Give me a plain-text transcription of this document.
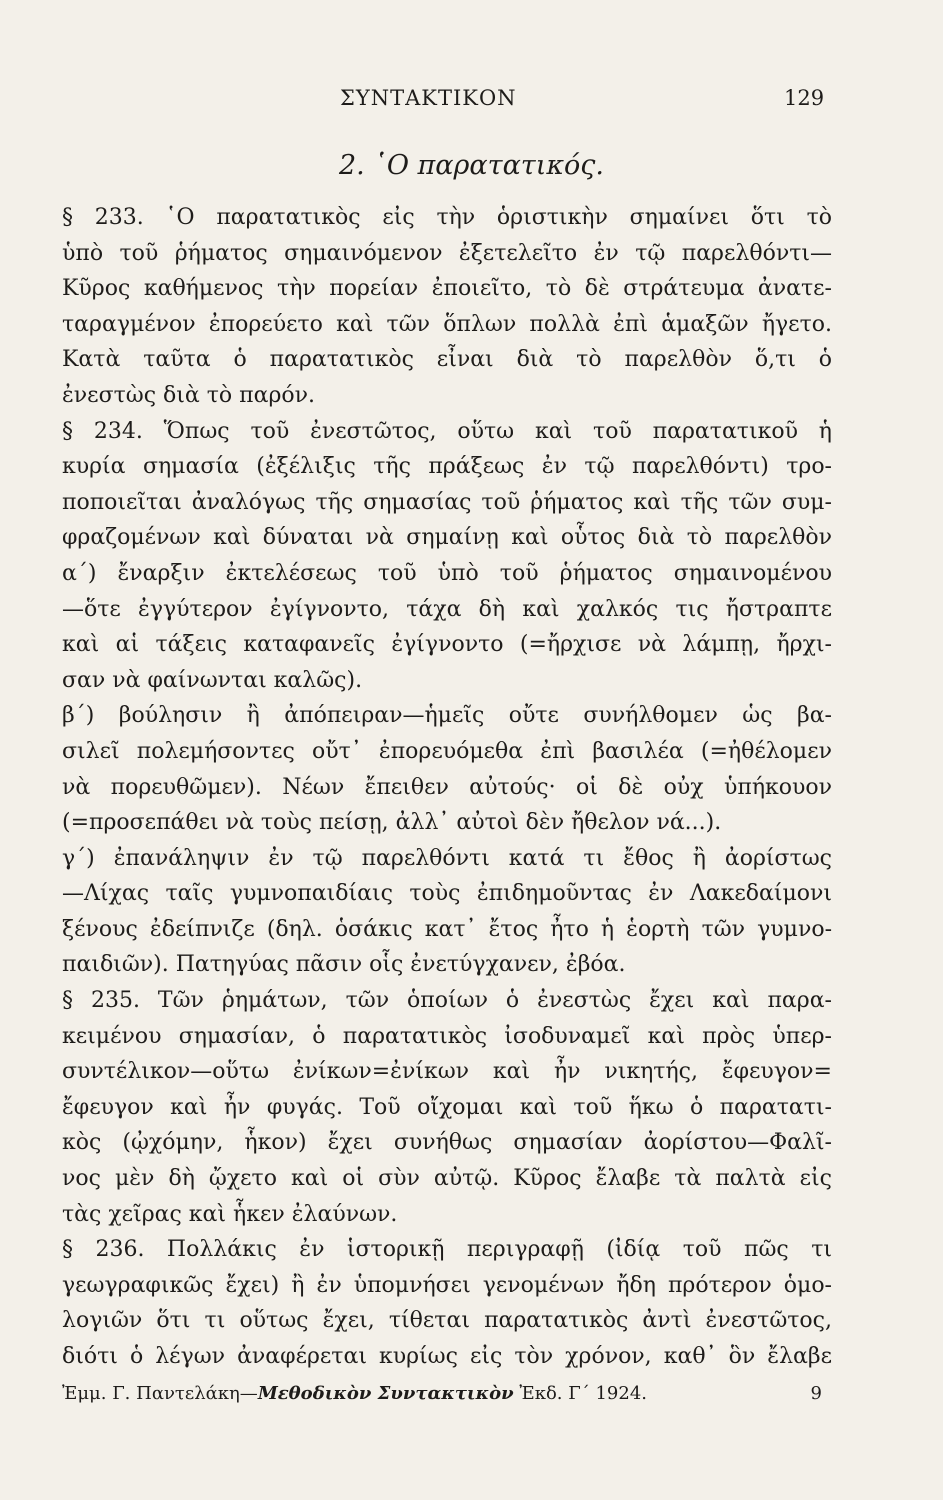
ΣΥΝΤΑΚΤΙΚΟΝ	129
2. ῾Ο παρατατικός.
§ 233. ῾Ο παρατατικὸς εἰς τὴν ὁριστικὴν σημαίνει ὅτι τὸ
ὑπὸ τοῦ ῥήματος σημαινόμενον ἐξετελεῖτο ἐν τῷ παρελθόντι—
Κῦρος καθήμενος τὴν πορείαν ἐποιεῖτο, τὸ δὲ στράτευμα ἀνατε-
ταραγμένον ἐπορεύετο καὶ τῶν ὅπλων πολλὰ ἐπὶ ἁμαξῶν ἤγετο.
Κατὰ ταῦτα ὁ παρατατικὸς εἶναι διὰ τὸ παρελθὸν ὅ,τι ὁ
ἐνεστὼς διὰ τὸ παρόν.
§ 234. Ὅπως τοῦ ἐνεστῶτος, οὕτω καὶ τοῦ παρατατικοῦ ἡ
κυρία σημασία (ἐξέλιξις τῆς πράξεως ἐν τῷ παρελθόντι) τρο-
ποποιεῖται ἀναλόγως τῆς σημασίας τοῦ ῥήματος καὶ τῆς τῶν συμ-
φραζομένων καὶ δύναται νὰ σημαίνῃ καὶ οὗτος διὰ τὸ παρελθὸν
α´) ἔναρξιν ἐκτελέσεως τοῦ ὑπὸ τοῦ ῥήματος σημαινομένου
—ὅτε ἐγγύτερον ἐγίγνοντο, τάχα δὴ καὶ χαλκός τις ἤστραπτε
καὶ αἱ τάξεις καταφανεῖς ἐγίγνοντο (=ἤρχισε νὰ λάμπῃ, ἤρχι-
σαν νὰ φαίνωνται καλῶς).
β´) βούλησιν ἢ ἀπόπειραν—ἡμεῖς οὔτε συνήλθομεν ὡς βα-
σιλεῖ πολεμήσοντες οὔτ᾽ ἐπορευόμεθα ἐπὶ βασιλέα (=ἠθέλομεν
νὰ πορευθῶμεν). Νέων ἔπειθεν αὐτούς· οἱ δὲ οὐχ ὑπήκουον
(=προσεπάθει νὰ τοὺς πείσῃ, ἀλλ᾽ αὐτοὶ δὲν ἤθελον νά...).
γ´) ἐπανάληψιν ἐν τῷ παρελθόντι κατά τι ἔθος ἢ ἀορίστως
—Λίχας ταῖς γυμνοπαιδίαις τοὺς ἐπιδημοῦντας ἐν Λακεδαίμονι
ξένους ἐδείπνιζε (δηλ. ὁσάκις κατ᾽ ἔτος ἦτο ἡ ἑορτὴ τῶν γυμνο-
παιδιῶν). Πατηγύας πᾶσιν οἷς ἐνετύγχανεν, ἐβόα.
§ 235. Τῶν ῥημάτων, τῶν ὁποίων ὁ ἐνεστὼς ἔχει καὶ παρα-
κειμένου σημασίαν, ὁ παρατατικὸς ἰσοδυναμεῖ καὶ πρὸς ὑπερ-
συντέλικον—οὕτω ἐνίκων=ἐνίκων καὶ ἦν νικητής, ἔφευγον=
ἔφευγον καὶ ἦν φυγάς. Τοῦ οἴχομαι καὶ τοῦ ἥκω ὁ παρατατι-
κὸς (ᾠχόμην, ἧκον) ἔχει συνήθως σημασίαν ἀορίστου—Φαλῖ-
νος μὲν δὴ ᾤχετο καὶ οἱ σὺν αὐτῷ. Κῦρος ἔλαβε τὰ παλτὰ εἰς
τὰς χεῖρας καὶ ἧκεν ἐλαύνων.
§ 236. Πολλάκις ἐν ἱστορικῇ περιγραφῇ (ἰδίᾳ τοῦ πῶς τι
γεωγραφικῶς ἔχει) ἢ ἐν ὑπομνήσει γενομένων ἤδη πρότερον ὁμο-
λογιῶν ὅτι τι οὕτως ἔχει, τίθεται παρατατικὸς ἀντὶ ἐνεστῶτος,
διότι ὁ λέγων ἀναφέρεται κυρίως εἰς τὸν χρόνον, καθ᾽ ὃν ἔλαβε
Ἐμμ. Γ. Παντελάκη—Μεθοδικὸν Συντακτικὸν Ἐκδ. Γ´ 1924.	9
